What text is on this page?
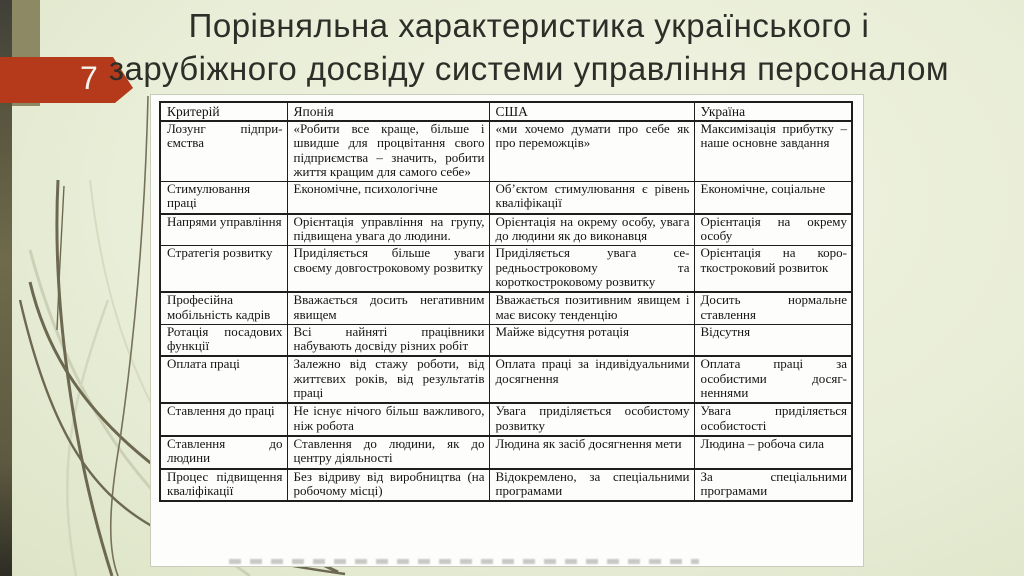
Порівняльна характеристика українського і
зарубіжного досвіду системи управління персоналом
7
Критерій	Японія	США	Україна
Лозунг підприємства	«Робити все краще, більше і швидше для процвітання свого підприємства – значить, робити життя кращим для самого себе»	«ми хочемо думати про себе як про переможців»	Максимізація прибутку – наше основне завдання
Стимулювання праці	Економічне, психологічне	Об’єктом стимулювання є рівень кваліфікації	Економічне, соціальне
Напрями управління	Орієнтація управління на групу, підвищена увага до людини.	Орієнтація на окрему особу, увага до людини як до виконавця	Орієнтація на окрему особу
Стратегія розвитку	Приділяється більше уваги своєму довгостроковому розвитку	Приділяється увага середньостроковому та короткостроковому розвитку	Орієнтація на короткостроковий розвиток
Професійна мобільність кадрів	Вважається досить негативним явищем	Вважається позитивним явищем і має високу тенденцію	Досить нормальне ставлення
Ротація посадових функції	Всі найняті працівники набувають досвіду різних робіт	Майже відсутня ротація	Відсутня
Оплата праці	Залежно від стажу роботи, від життєвих років, від результатів праці	Оплата праці за індивідуальними досягнення	Оплата праці за особистими досягненнями
Ставлення до праці	Не існує нічого більш важливого, ніж робота	Увага приділяється особистому розвитку	Увага приділяється особистості
Ставлення до людини	Ставлення до людини, як до центру діяльності	Людина як засіб досягнення мети	Людина – робоча сила
Процес підвищення кваліфікації	Без відриву від виробництва (на робочому місці)	Відокремлено, за спеціальними програмами	За спеціальними програмами
